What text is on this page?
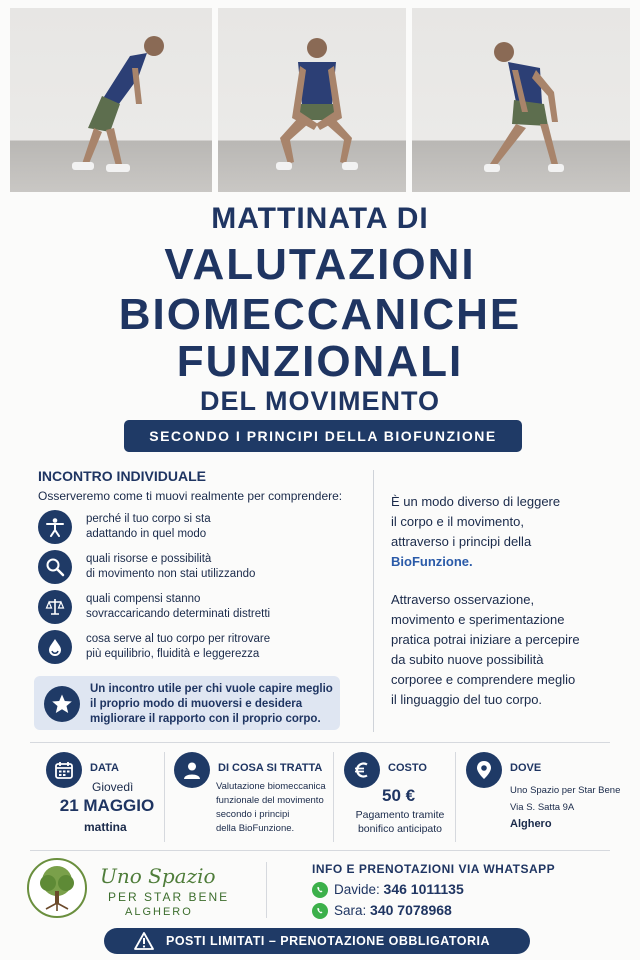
MATTINATA DI
VALUTAZIONI
BIOMECCANICHE
FUNZIONALI
DEL MOVIMENTO
SECONDO I PRINCIPI DELLA BIOFUNZIONE
INCONTRO INDIVIDUALE
Osserveremo come ti muovi realmente per comprendere:
perché il tuo corpo si sta
adattando in quel modo
quali risorse e possibilità
di movimento non stai utilizzando
quali compensi stanno
sovraccaricando determinati distretti
cosa serve al tuo corpo per ritrovare
più equilibrio, fluidità e leggerezza
Un incontro utile per chi vuole capire meglio
il proprio modo di muoversi e desidera
migliorare il rapporto con il proprio corpo.
È un modo diverso di leggere
il corpo e il movimento,
attraverso i principi della
BioFunzione.
Attraverso osservazione,
movimento e sperimentazione
pratica potrai iniziare a percepire
da subito nuove possibilità
corporee e comprendere meglio
il linguaggio del tuo corpo.
DATA
Giovedì
21 MAGGIO
mattina
DI COSA SI TRATTA
Valutazione biomeccanica
funzionale del movimento
secondo i principi
della BioFunzione.
COSTO
50 €
Pagamento tramite
bonifico anticipato
DOVE
Uno Spazio per Star Bene
Via S. Satta 9A
Alghero
Uno Spazio
PER STAR BENE
ALGHERO
INFO E PRENOTAZIONI VIA WHATSAPP
Davide: 346 1011135
Sara: 340 7078968
POSTI LIMITATI – PRENOTAZIONE OBBLIGATORIA
